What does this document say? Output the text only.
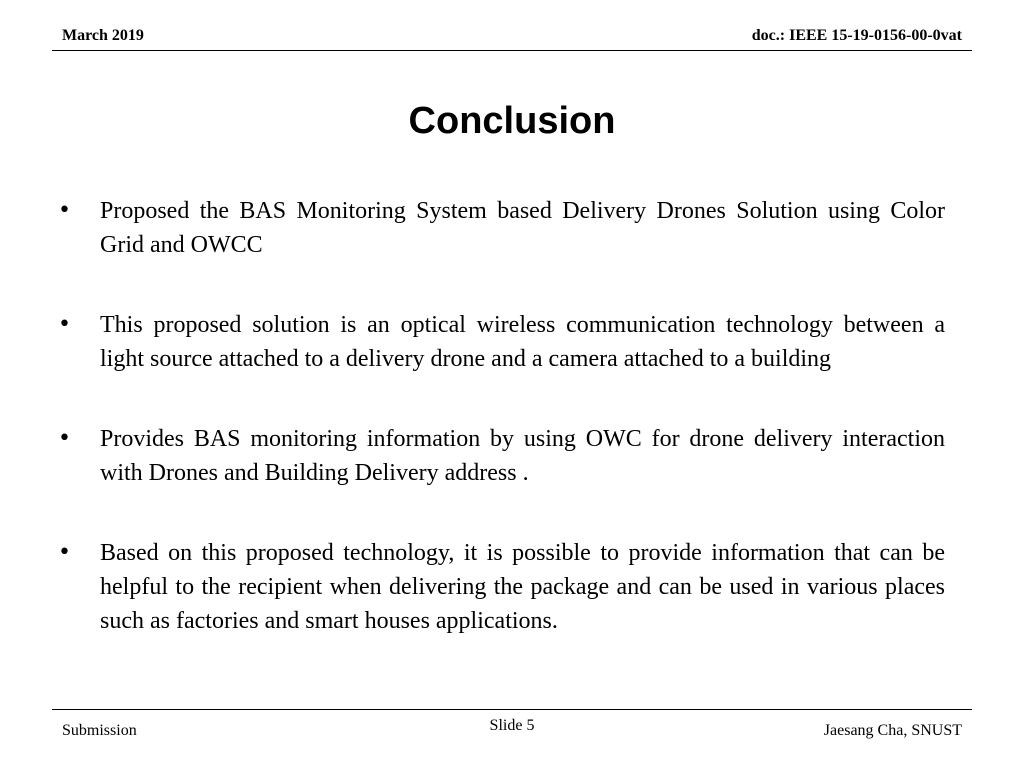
March 2019	doc.: IEEE 15-19-0156-00-0vat
Conclusion
• Proposed the BAS Monitoring System based Delivery Drones Solution using Color Grid and OWCC
• This proposed solution is an optical wireless communication technology between a light source attached to a delivery drone and a camera attached to a building
• Provides BAS monitoring information by using OWC for drone delivery interaction with Drones and Building Delivery address .
• Based on this proposed technology, it is possible to provide information that can be helpful to the recipient when delivering the package and can be used in various places such as factories and smart houses applications.
Submission	Slide 5	Jaesang Cha, SNUST
